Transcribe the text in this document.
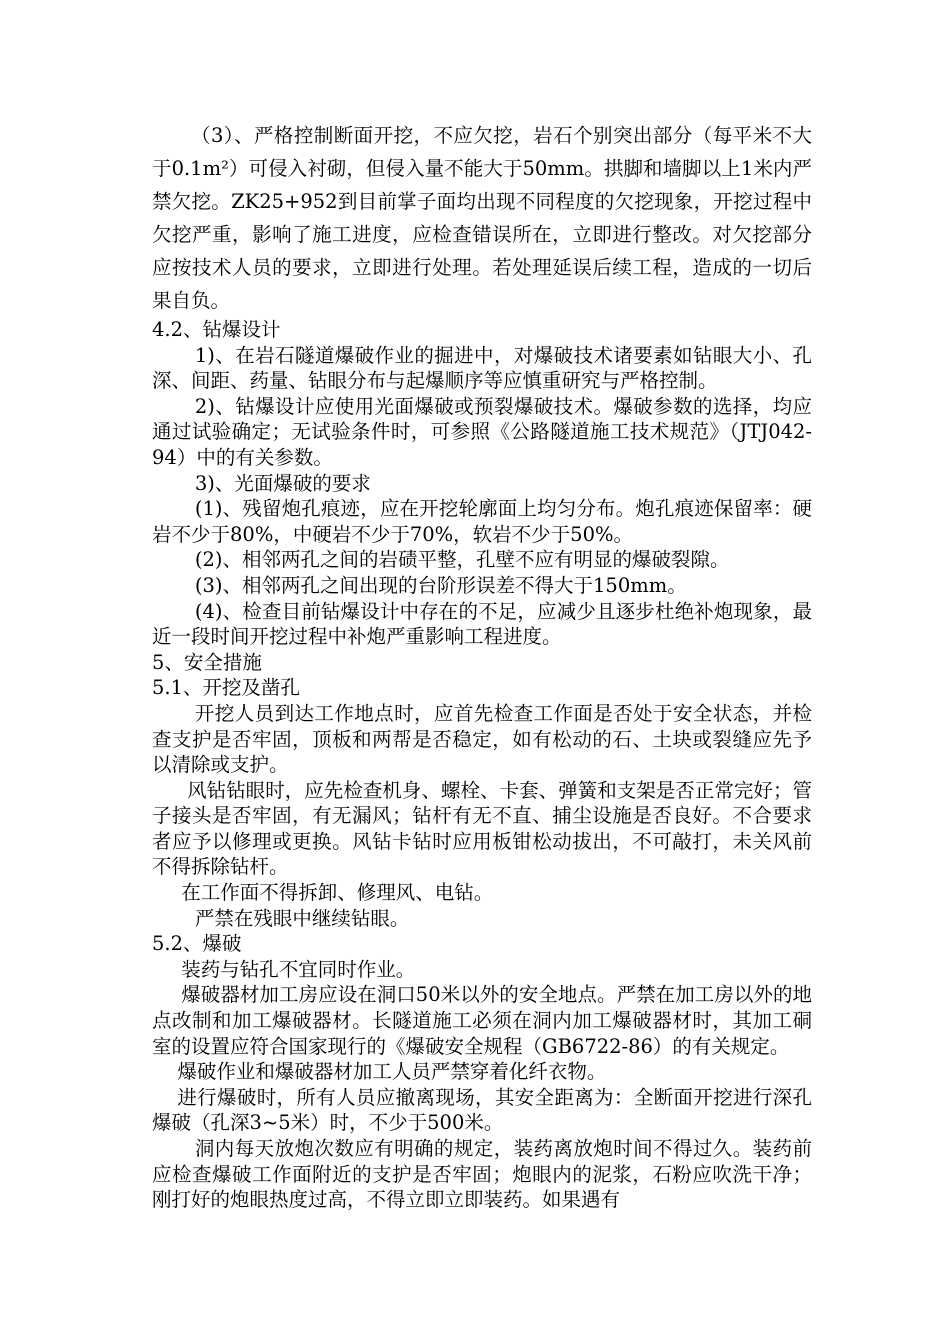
（3）、严格控制断面开挖，不应欠挖，岩石个别突出部分（每平米不大于0.1m²）可侵入衬砌，但侵入量不能大于50mm。拱脚和墙脚以上1米内严禁欠挖。ZK25+952到目前掌子面均出现不同程度的欠挖现象，开挖过程中欠挖严重，影响了施工进度，应检查错误所在，立即进行整改。对欠挖部分应按技术人员的要求，立即进行处理。若处理延误后续工程，造成的一切后果自负。

4.2、钻爆设计

1)、在岩石隧道爆破作业的掘进中，对爆破技术诸要素如钻眼大小、孔深、间距、药量、钻眼分布与起爆顺序等应慎重研究与严格控制。

2)、钻爆设计应使用光面爆破或预裂爆破技术。爆破参数的选择，均应通过试验确定；无试验条件时，可参照《公路隧道施工技术规范》（JTJ042-94）中的有关参数。

3)、光面爆破的要求

(1)、残留炮孔痕迹，应在开挖轮廓面上均匀分布。炮孔痕迹保留率：硬岩不少于80%，中硬岩不少于70%，软岩不少于50%。

(2)、相邻两孔之间的岩碛平整，孔壁不应有明显的爆破裂隙。

(3)、相邻两孔之间出现的台阶形误差不得大于150mm。

(4)、检查目前钻爆设计中存在的不足，应减少且逐步杜绝补炮现象，最近一段时间开挖过程中补炮严重影响工程进度。

5、安全措施

5.1、开挖及凿孔

开挖人员到达工作地点时，应首先检查工作面是否处于安全状态，并检查支护是否牢固，顶板和两帮是否稳定，如有松动的石、土块或裂缝应先予以清除或支护。

风钻钻眼时，应先检查机身、螺栓、卡套、弹簧和支架是否正常完好；管子接头是否牢固，有无漏风；钻杆有无不直、捕尘设施是否良好。不合要求者应予以修理或更换。风钻卡钻时应用板钳松动拔出，不可敲打，未关风前不得拆除钻杆。

在工作面不得拆卸、修理风、电钻。

严禁在残眼中继续钻眼。

5.2、爆破

装药与钻孔不宜同时作业。

爆破器材加工房应设在洞口50米以外的安全地点。严禁在加工房以外的地点改制和加工爆破器材。长隧道施工必须在洞内加工爆破器材时，其加工硐室的设置应符合国家现行的《爆破安全规程（GB6722-86）的有关规定。

爆破作业和爆破器材加工人员严禁穿着化纤衣物。

进行爆破时，所有人员应撤离现场，其安全距离为：全断面开挖进行深孔爆破（孔深3~5米）时，不少于500米。

洞内每天放炮次数应有明确的规定，装药离放炮时间不得过久。装药前应检查爆破工作面附近的支护是否牢固；炮眼内的泥浆，石粉应吹洗干净；刚打好的炮眼热度过高，不得立即立即装药。如果遇有
